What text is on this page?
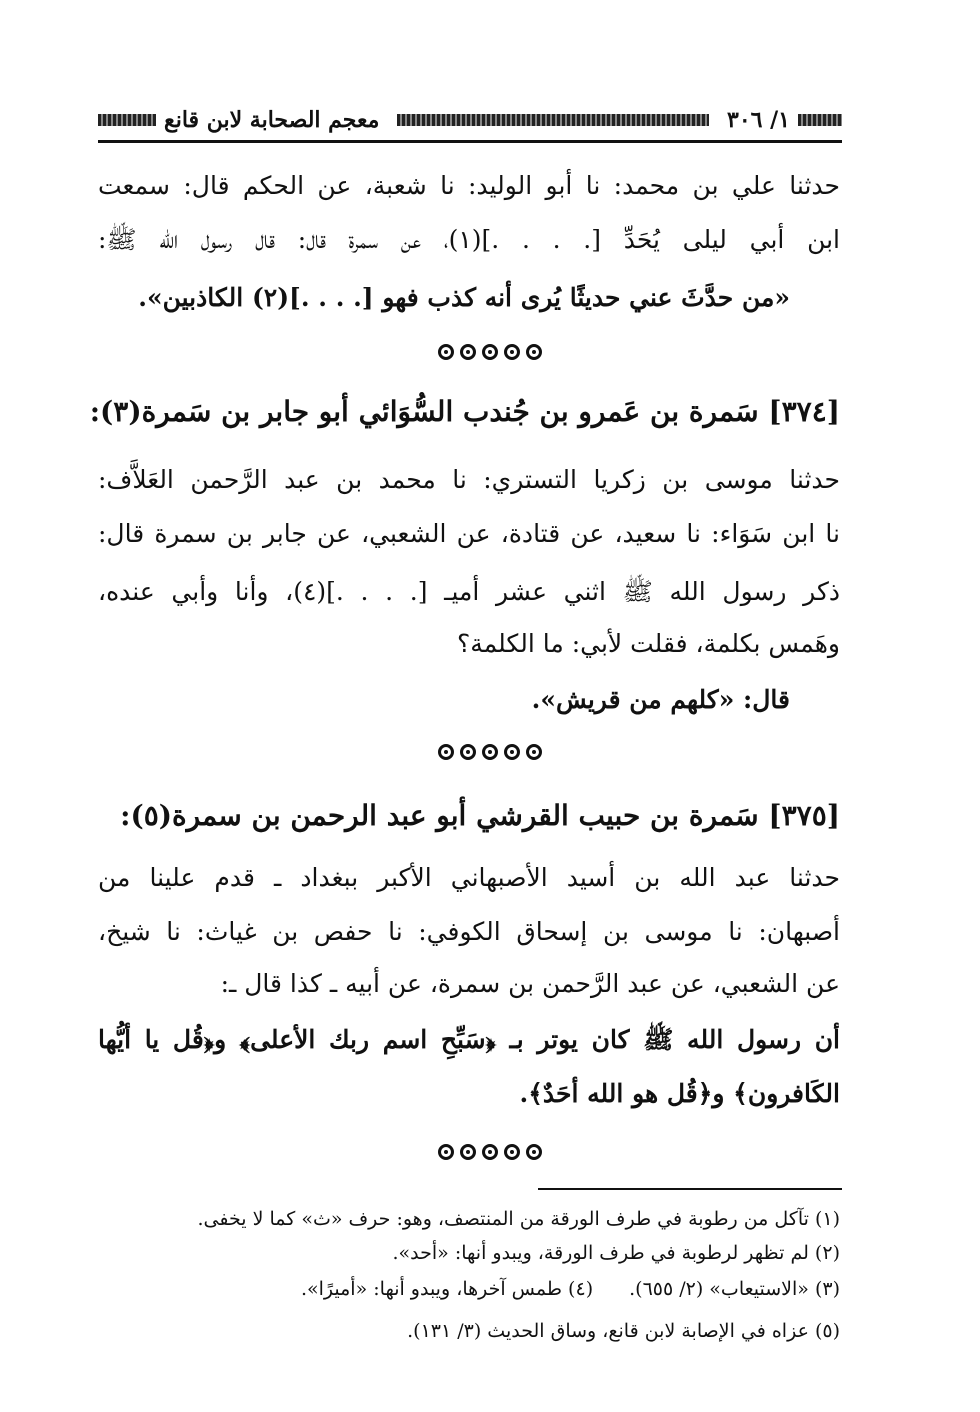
١/ ٣٠٦
معجم الصحابة لابن قانع
حدثنا علي بن محمد: نا أبو الوليد: نا شعبة، عن الحكم قال: سمعت
ابن أبي ليلى يُحَدِّ [. . . .](١)، عن سمرة قال: قال رسول الله ﷺ:
«من حدَّثَ عني حديثًا يُرى أنه كذب فهو [. . . .](٢) الكاذبين».
[٣٧٤] سَمرة بن عَمرو بن جُندب السُّوَائي أبو جابر بن سَمرة(٣):
حدثنا موسى بن زكريا التستري: نا محمد بن عبد الرَّحمن العَلاَّف:
نا ابن سَوَاء: نا سعيد، عن قتادة، عن الشعبي، عن جابر بن سمرة قال:
ذكر رسول الله ﷺ اثني عشر أميـ [. . . .](٤)، وأنا وأبي عنده،
وهَمس بكلمة، فقلت لأبي: ما الكلمة؟
قال: «كلهم من قريش».
[٣٧٥] سَمرة بن حبيب القرشي أبو عبد الرحمن بن سمرة(٥):
حدثنا عبد الله بن أسيد الأصبهاني الأكبر ببغداد ـ قدم علينا من
أصبهان: نا موسى بن إسحاق الكوفي: نا حفص بن غياث: نا شيخ،
عن الشعبي، عن عبد الرَّحمن بن سمرة، عن أبيه ـ كذا قال ـ:
أن رسول الله ﷺ كان يوتر بـ ﴿سَبِّحِ اسم ربك الأعلى﴾ و﴿قُل يا أيُّها
الكَافرون﴾ و﴿قُل هو الله أحَدٌ﴾.
(١) تآكل من رطوبة في طرف الورقة من المنتصف، وهو: حرف «ث» كما لا يخفى.
(٢) لم تظهر لرطوبة في طرف الورقة، ويبدو أنها: «أحد».
(٣) «الاستيعاب» (٢/ ٦٥٥).
(٤) طمس آخرها، ويبدو أنها: «أميرًا».
(٥) عزاه في الإصابة لابن قانع، وساق الحديث (٣/ ١٣١).
